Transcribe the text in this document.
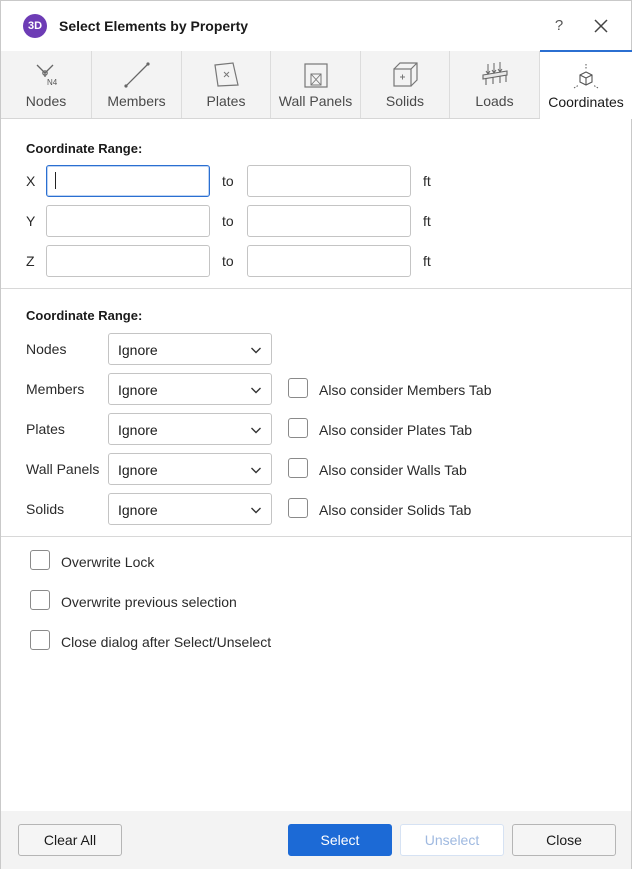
3D	Select Elements by Property	?
N4
Nodes	Members	Plates	Wall Panels	Solids	Loads	Coordinates
Coordinate Range:
X	to	ft
Y	to	ft
Z	to	ft
Coordinate Range:
Nodes	Ignore
Members Ignore	Also consider Members Tab
Plates	Ignore	Also consider Plates Tab
Wall Panels Ignore	Also consider Walls Tab
Solids	Ignore	Also consider Solids Tab
Overwrite Lock
Overwrite previous selection
Close dialog after Select/Unselect
Clear All	Select	Unselect	Close
